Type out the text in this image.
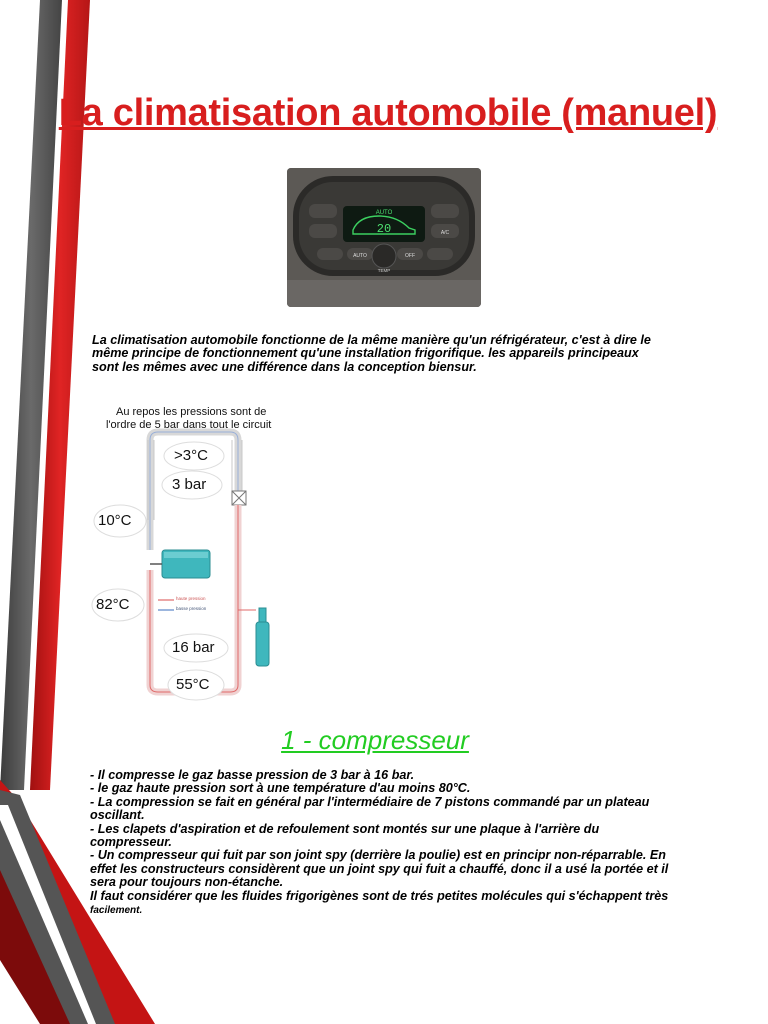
La climatisation automobile (manuel)
AUTO
20	A/C
AUTO
TEMP
OFF
La climatisation automobile fonctionne de la même manière qu'un réfrigérateur, c'est à dire le même principe de fonctionnement qu'une installation frigorifique. les appareils principeaux sont les mêmes avec une différence dans la conception biensur.
Au repos les pressions sont de
l'ordre de 5 bar dans tout le circuit
>3°C
3 bar
10°C
82°C	haute pression
basse pression
16 bar
55°C
1 - compresseur
- Il compresse le gaz basse pression de 3 bar à 16 bar.
- le gaz haute pression sort à une température d'au moins 80°C.
- La compression se fait en général par l'intermédiaire de 7 pistons commandé par un plateau oscillant.
- Les clapets d'aspiration et de refoulement sont montés sur une plaque à l'arrière du compresseur.
- Un compresseur qui fuit par son joint spy (derrière la poulie) est en principr non-réparrable. En effet les constructeurs considèrent que un joint spy qui fuit a chauffé, donc il a usé la portée et il sera pour toujours non-étanche.
Il faut considérer que les fluides frigorigènes sont de trés petites molécules qui s'échappent très facilement.
